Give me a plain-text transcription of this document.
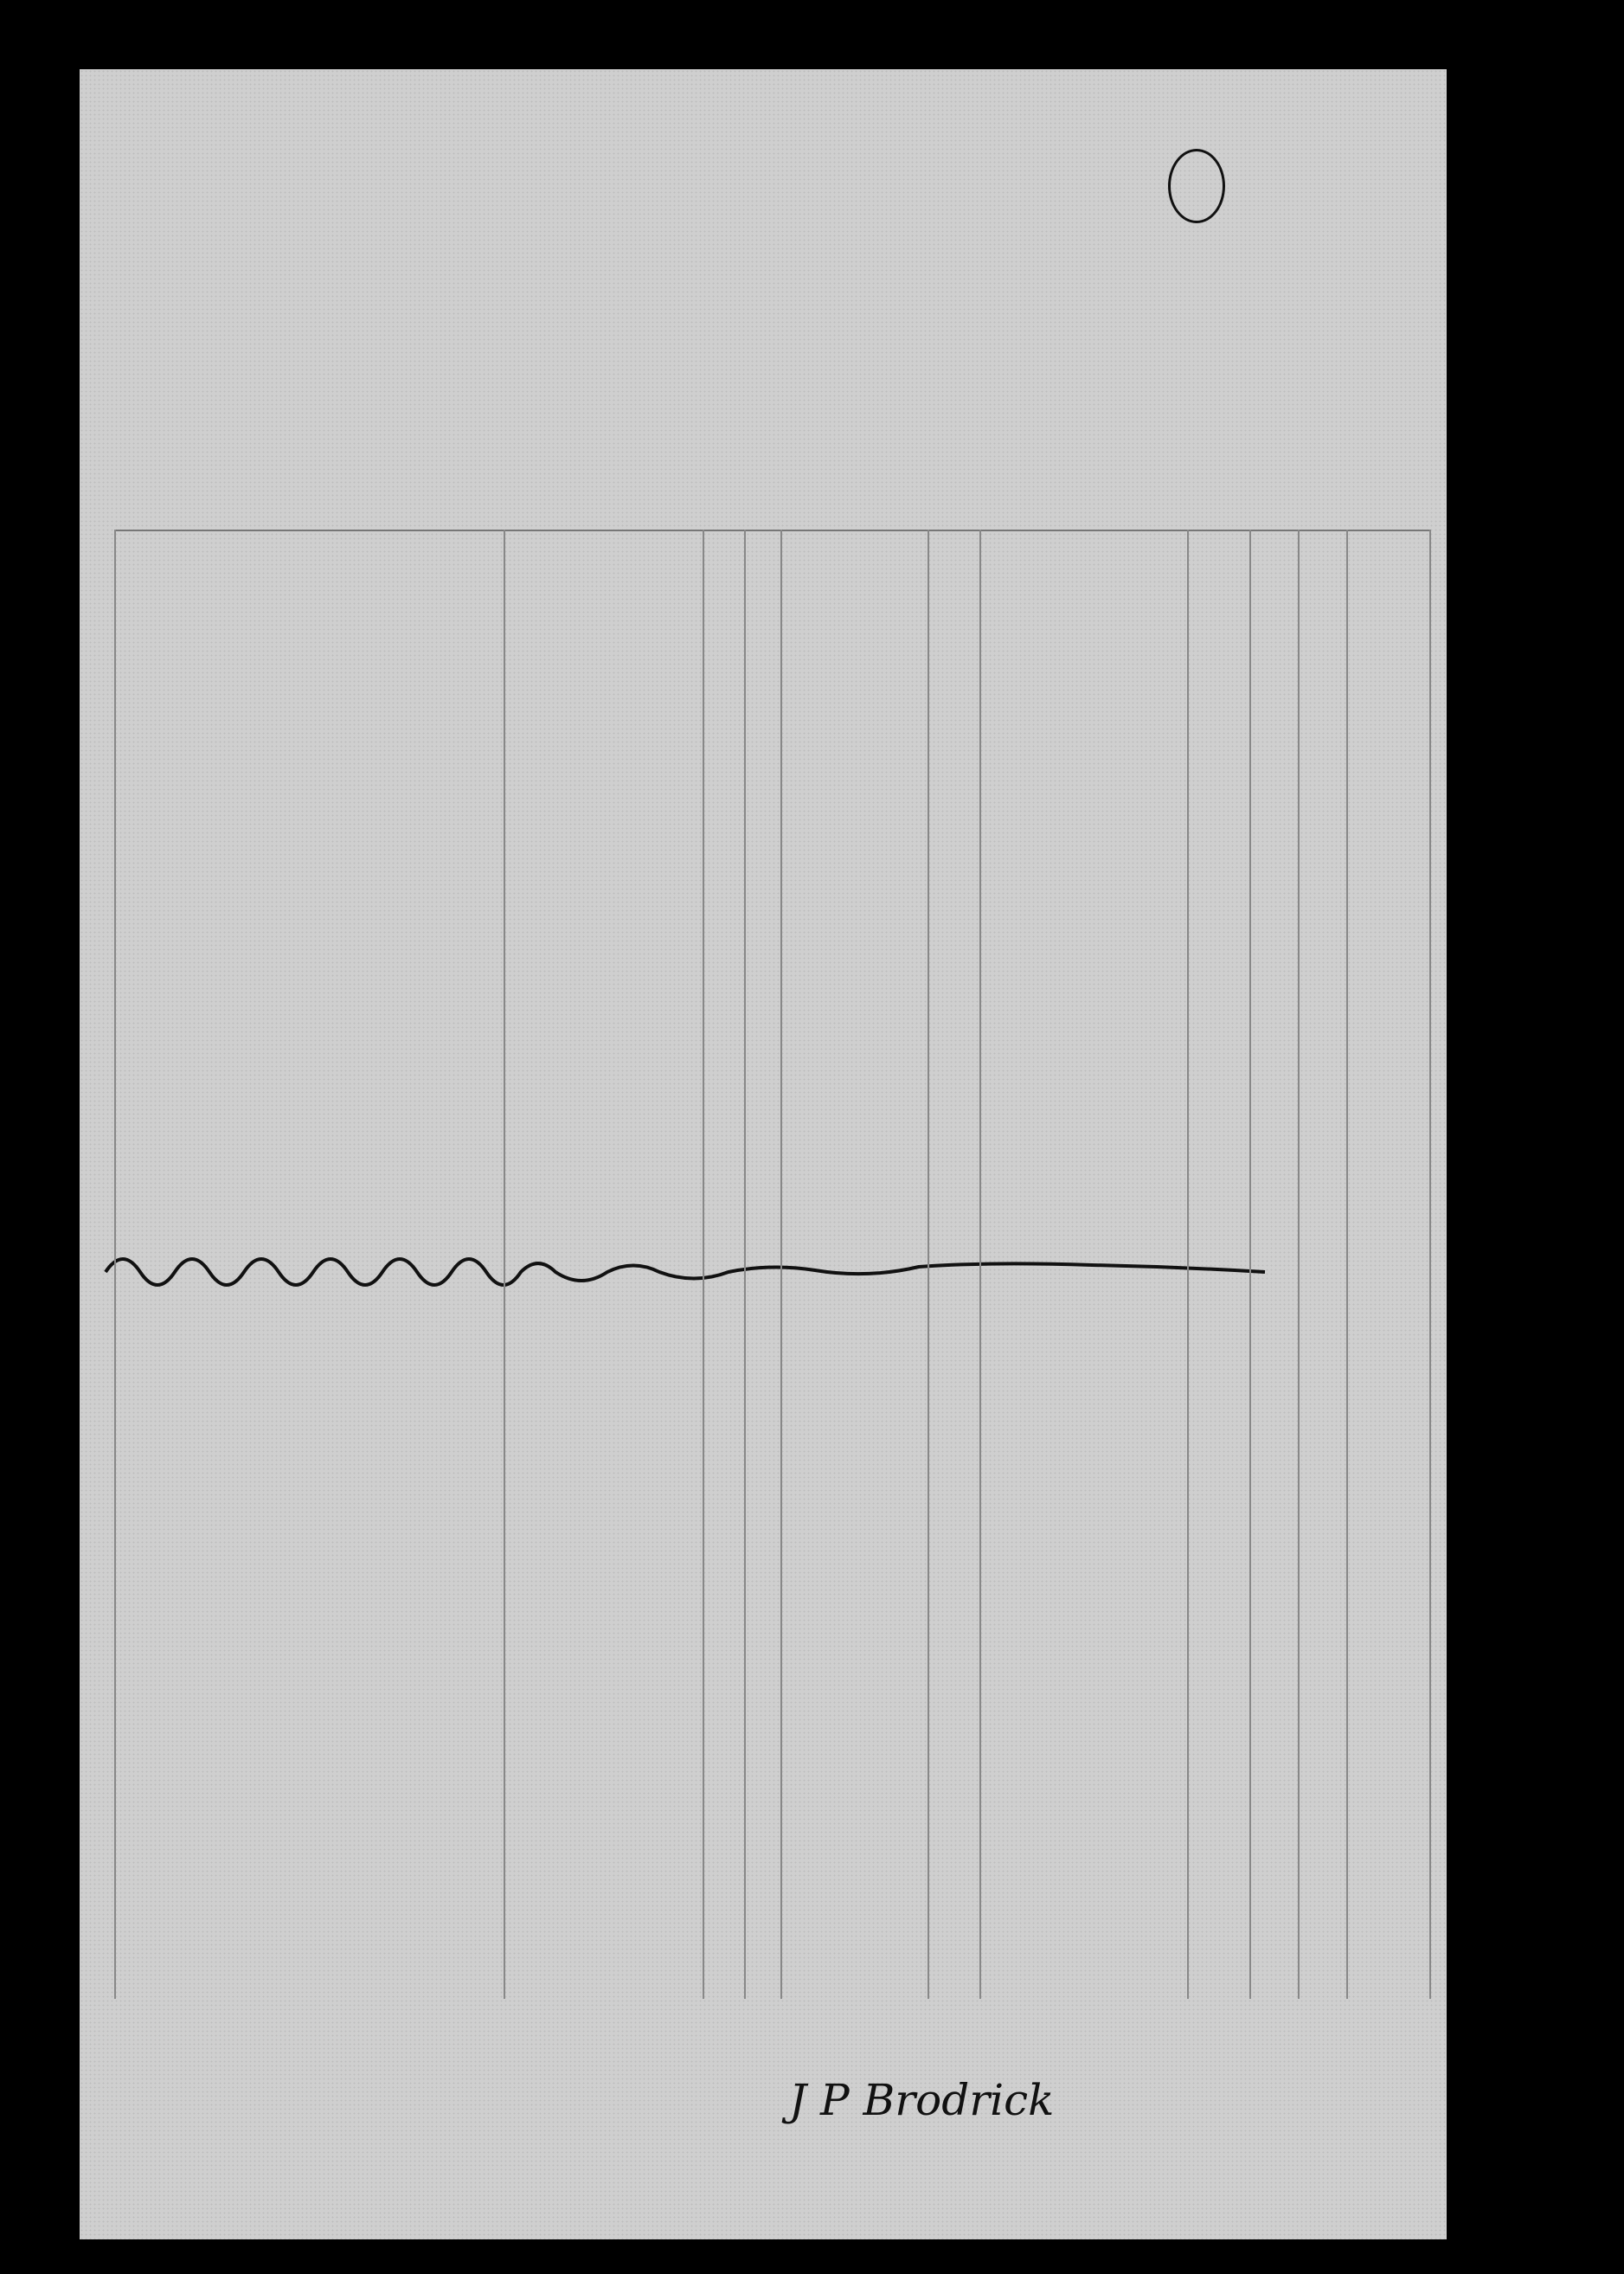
J P Brodrick
